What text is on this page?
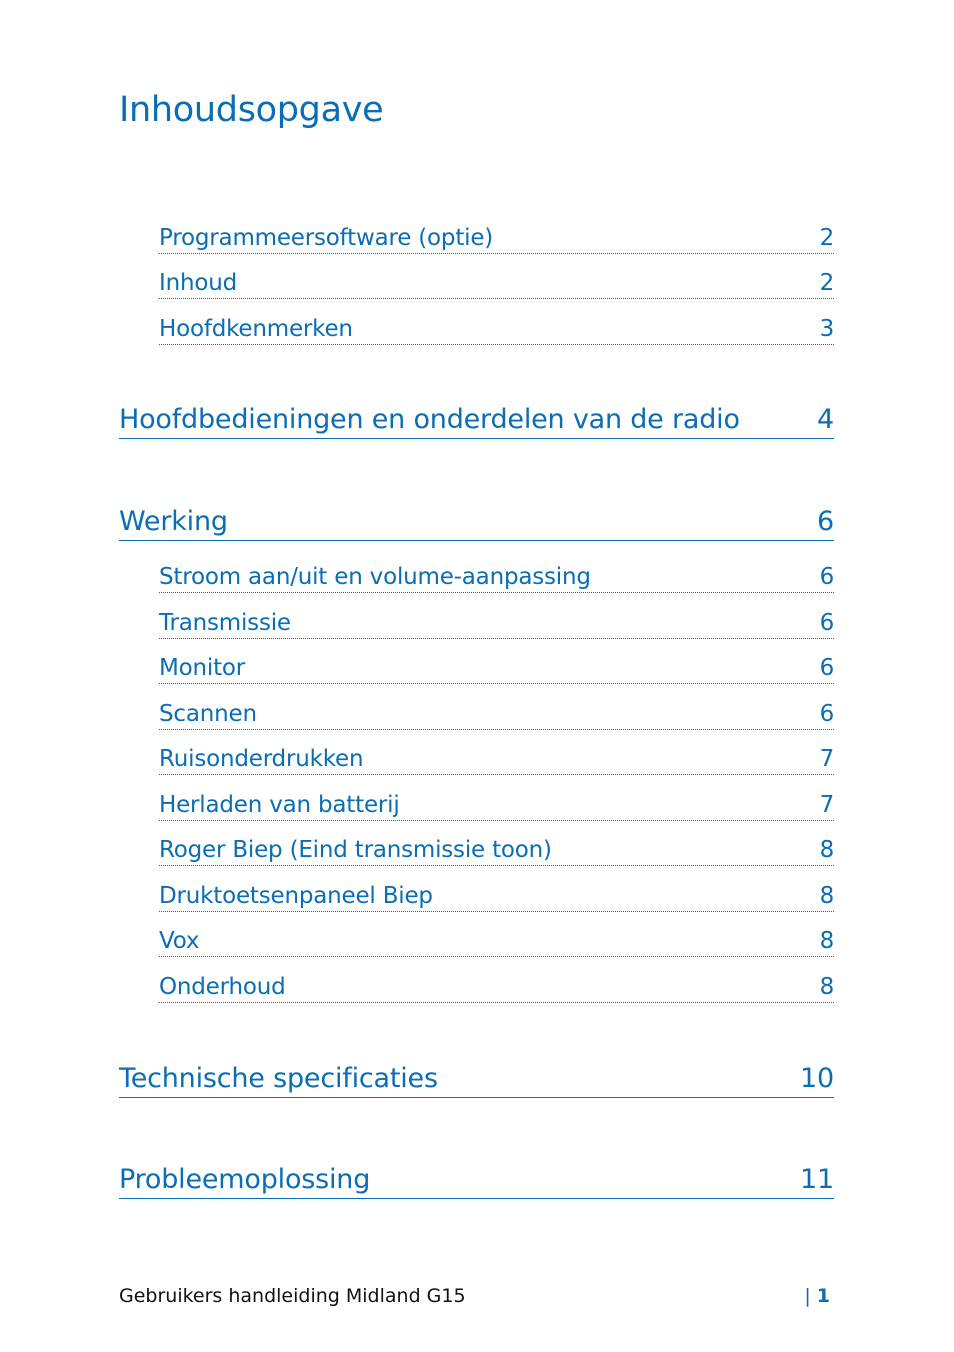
Inhoudsopgave
Programmeersoftware (optie)	2
Inhoud	2
Hoofdkenmerken	3
Hoofdbedieningen en onderdelen van de radio	4
Werking	6
Stroom aan/uit en volume-aanpassing	6
Transmissie	6
Monitor	6
Scannen	6
Ruisonderdrukken	7
Herladen van batterij	7
Roger Biep (Eind transmissie toon)	8
Druktoetsenpaneel Biep	8
Vox	8
Onderhoud	8
Technische specificaties	10
Probleemoplossing	11
Gebruikers handleiding Midland G15	| 1
